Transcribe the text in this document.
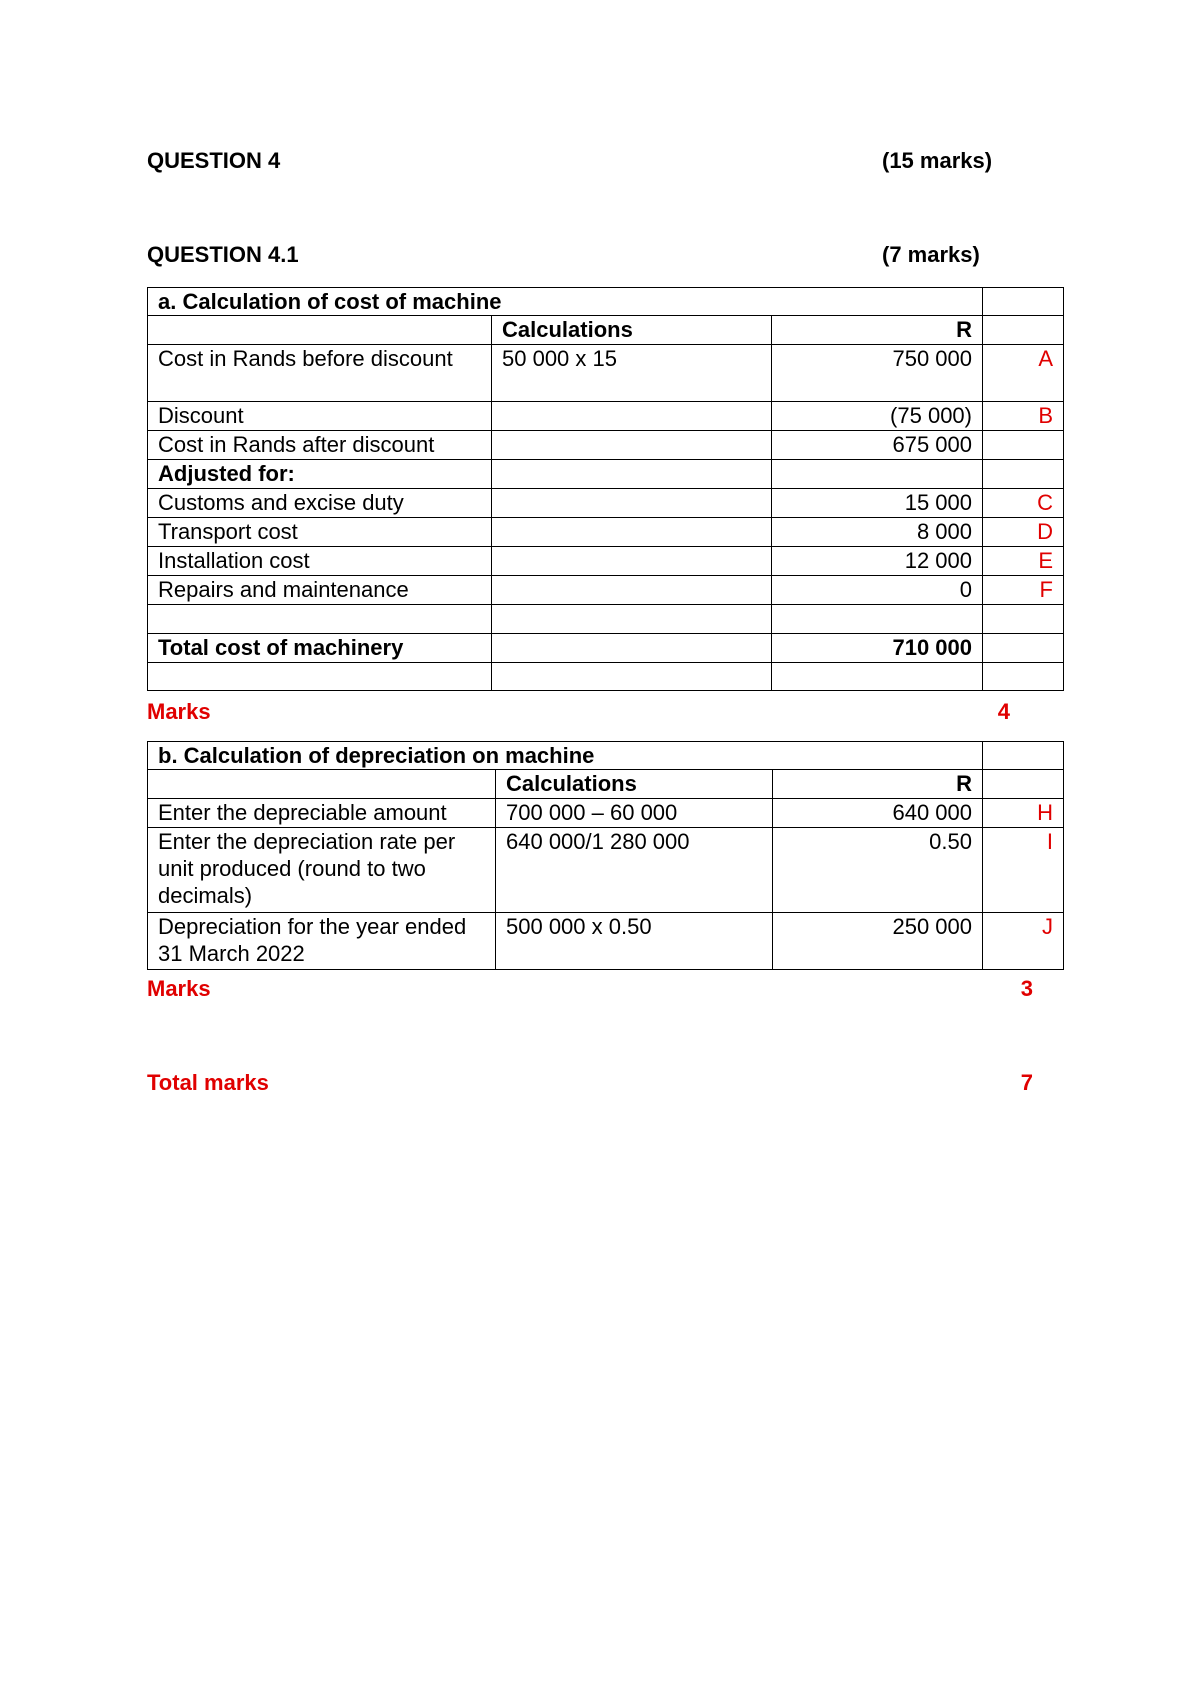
QUESTION 4	(15 marks)
QUESTION 4.1	(7 marks)
a. Calculation of cost of machine			
	Calculations	R	
Cost in Rands before discount	50 000 x 15	750 000	A
Discount		(75 000)	B
Cost in Rands after discount		675 000	
Adjusted for:			
Customs and excise duty		15 000	C
Transport cost		8 000	D
Installation cost		12 000	E
Repairs and maintenance		0	F

Total cost of machinery		710 000	

Marks	4
b. Calculation of depreciation on machine			
	Calculations	R	
Enter the depreciable amount	700 000 – 60 000	640 000	H
Enter the depreciation rate per unit produced (round to two decimals)	640 000/1 280 000	0.50	I
Depreciation for the year ended 31 March 2022	500 000 x 0.50	250 000	J
Marks	3
Total marks	7
